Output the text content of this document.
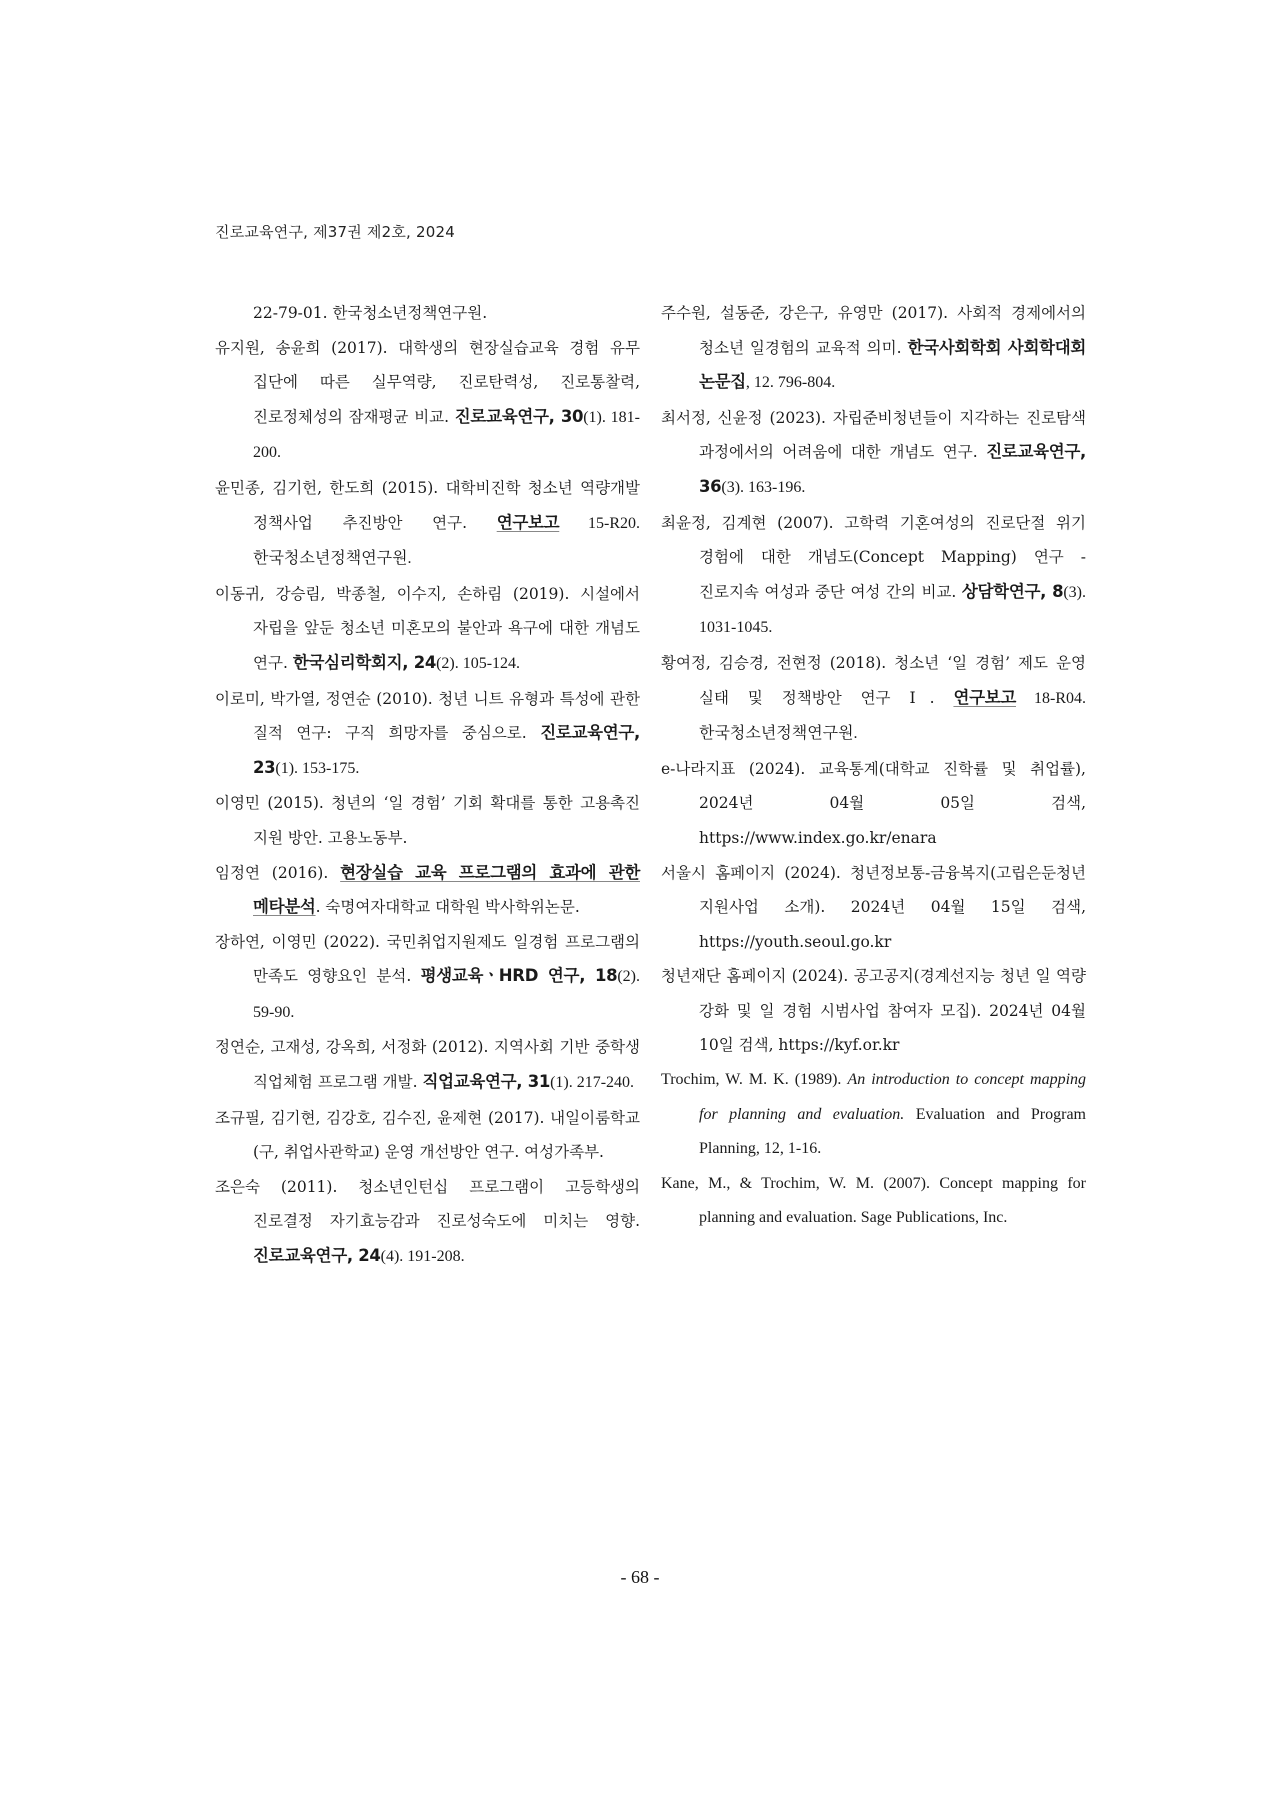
진로교육연구, 제37권 제2호, 2024

22-79-01. 한국청소년정책연구원.

유지원, 송윤희 (2017). 대학생의 현장실습교육 경험 유무 집단에 따른 실무역량, 진로탄력성, 진로통찰력, 진로정체성의 잠재평균 비교. 진로교육연구, 30(1). 181-200.

윤민종, 김기헌, 한도희 (2015). 대학비진학 청소년 역량개발 정책사업 추진방안 연구. 연구보고 15-R20. 한국청소년정책연구원.

이동귀, 강승림, 박종철, 이수지, 손하림 (2019). 시설에서 자립을 앞둔 청소년 미혼모의 불안과 욕구에 대한 개념도 연구. 한국심리학회지, 24(2). 105-124.

이로미, 박가열, 정연순 (2010). 청년 니트 유형과 특성에 관한 질적 연구: 구직 희망자를 중심으로. 진로교육연구, 23(1). 153-175.

이영민 (2015). 청년의 ‘일 경험’ 기회 확대를 통한 고용촉진 지원 방안. 고용노동부.

임정연 (2016). 현장실습 교육 프로그램의 효과에 관한 메타분석. 숙명여자대학교 대학원 박사학위논문.

장하연, 이영민 (2022). 국민취업지원제도 일경험 프로그램의 만족도 영향요인 분석. 평생교육ㆍHRD 연구, 18(2). 59-90.

정연순, 고재성, 강옥희, 서정화 (2012). 지역사회 기반 중학생 직업체험 프로그램 개발. 직업교육연구, 31(1). 217-240.

조규필, 김기현, 김강호, 김수진, 윤제현 (2017). 내일이룸학교(구, 취업사관학교) 운영 개선방안 연구. 여성가족부.

조은숙 (2011). 청소년인턴십 프로그램이 고등학생의 진로결정 자기효능감과 진로성숙도에 미치는 영향. 진로교육연구, 24(4). 191-208.

주수원, 설동준, 강은구, 유영만 (2017). 사회적 경제에서의 청소년 일경험의 교육적 의미. 한국사회학회 사회학대회 논문집, 12. 796-804.

최서정, 신윤정 (2023). 자립준비청년들이 지각하는 진로탐색 과정에서의 어려움에 대한 개념도 연구. 진로교육연구, 36(3). 163-196.

최윤정, 김계현 (2007). 고학력 기혼여성의 진로단절 위기 경험에 대한 개념도(Concept Mapping) 연구 - 진로지속 여성과 중단 여성 간의 비교. 상담학연구, 8(3). 1031-1045.

황여정, 김승경, 전현정 (2018). 청소년 ‘일 경험’ 제도 운영 실태 및 정책방안 연구 Ⅰ. 연구보고 18-R04. 한국청소년정책연구원.

e-나라지표 (2024). 교육통계(대학교 진학률 및 취업률), 2024년 04월 05일 검색, https://www.index.go.kr/enara

서울시 홈페이지 (2024). 청년정보통-금융복지(고립은둔청년 지원사업 소개). 2024년 04월 15일 검색, https://youth.seoul.go.kr

청년재단 홈페이지 (2024). 공고공지(경계선지능 청년 일 역량 강화 및 일 경험 시범사업 참여자 모집). 2024년 04월 10일 검색, https://kyf.or.kr

Trochim, W. M. K. (1989). An introduction to concept mapping for planning and evaluation. Evaluation and Program Planning, 12, 1-16.

Kane, M., & Trochim, W. M. (2007). Concept mapping for planning and evaluation. Sage Publications, Inc.

- 68 -
